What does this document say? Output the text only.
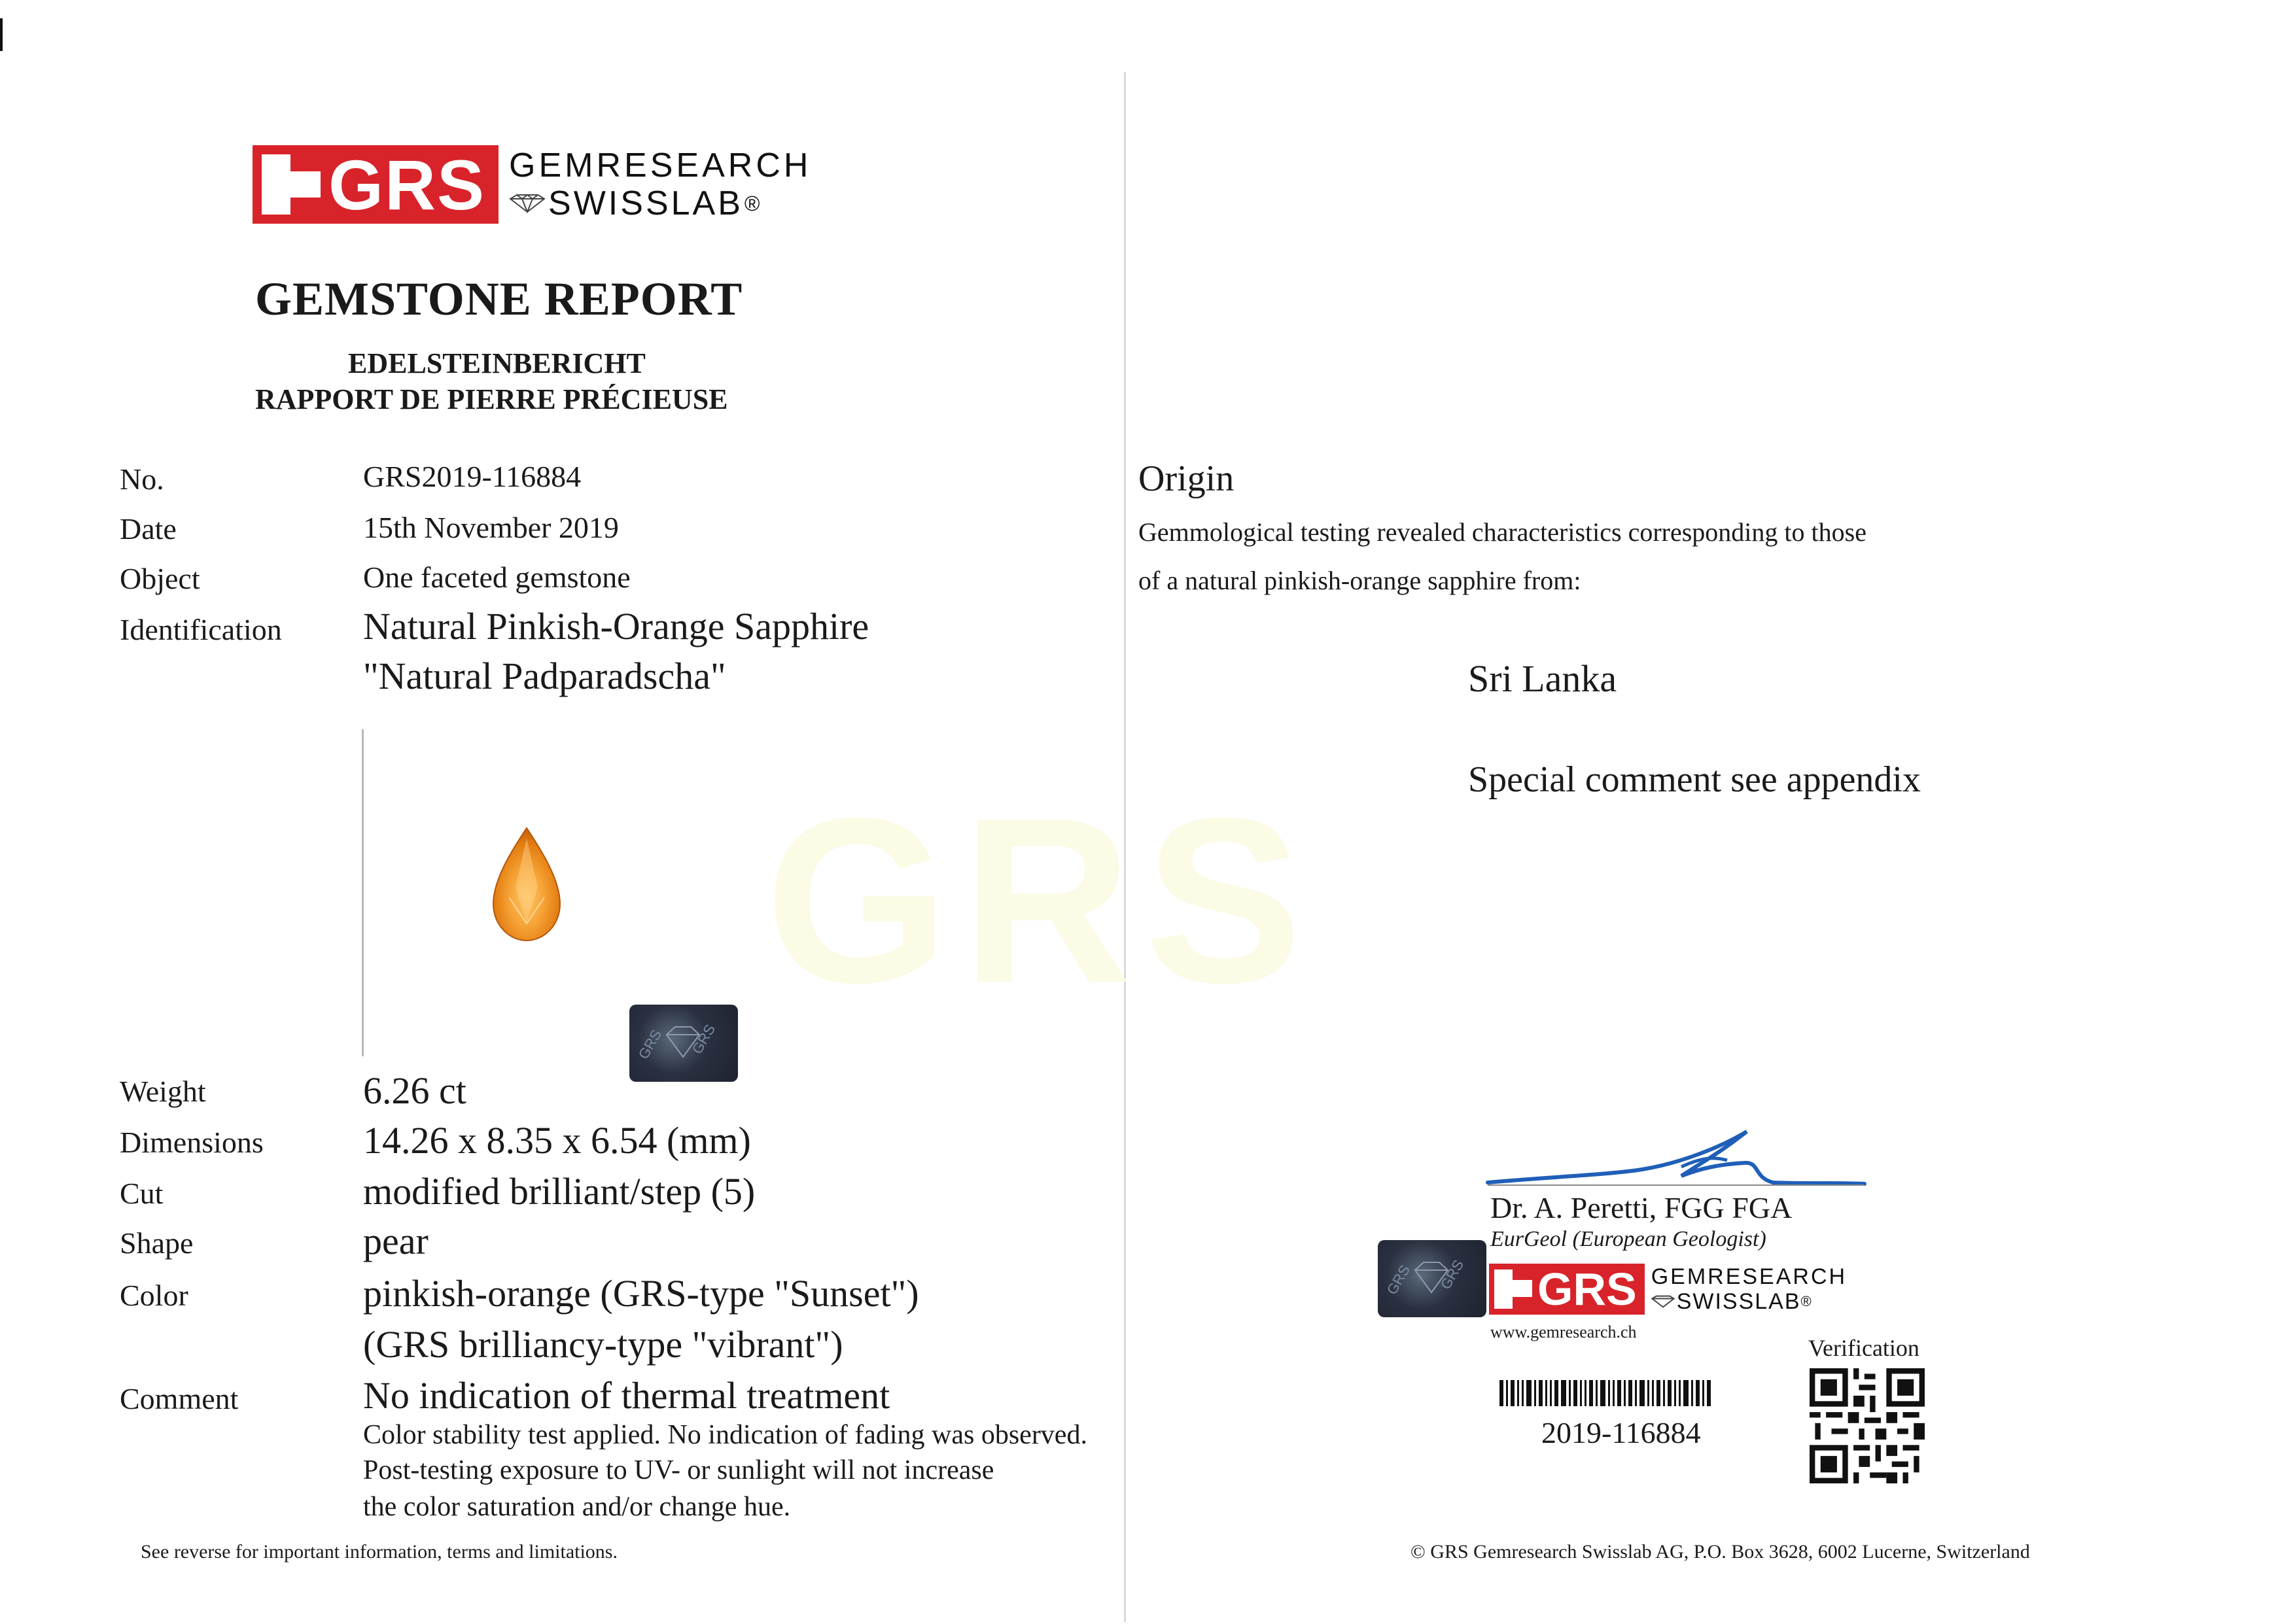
GRS
GRS GEMRESEARCH
SWISSLAB ®
GEMSTONE REPORT
EDELSTEINBERICHT
RAPPORT DE PIERRE PRÉCIEUSE
No.	GRS2019-116884
Date	15th November 2019
Object	One faceted gemstone
Identification Natural Pinkish-Orange Sapphire
"Natural Padparadscha"
GRS GRS
Weight	6.26 ct
Dimensions	14.26 x 8.35 x 6.54 (mm)
Cut	modified brilliant/step (5)
Shape	pear
Color	pinkish-orange (GRS-type "Sunset")
(GRS brilliancy-type "vibrant")
Comment	No indication of thermal treatment
Color stability test applied. No indication of fading was observed.
Post-testing exposure to UV- or sunlight will not increase
the color saturation and/or change hue.
See reverse for important information, terms and limitations.
Origin
Gemmological testing revealed characteristics corresponding to those
of a natural pinkish-orange sapphire from:
Sri Lanka
Special comment see appendix
Dr. A. Peretti, FGG FGA
EurGeol (European Geologist)
GRS GRS GRS GEMRESEARCH
SWISSLAB ®
www.gemresearch.ch
Verification
2019-116884
© GRS Gemresearch Swisslab AG, P.O. Box 3628, 6002 Lucerne, Switzerland
